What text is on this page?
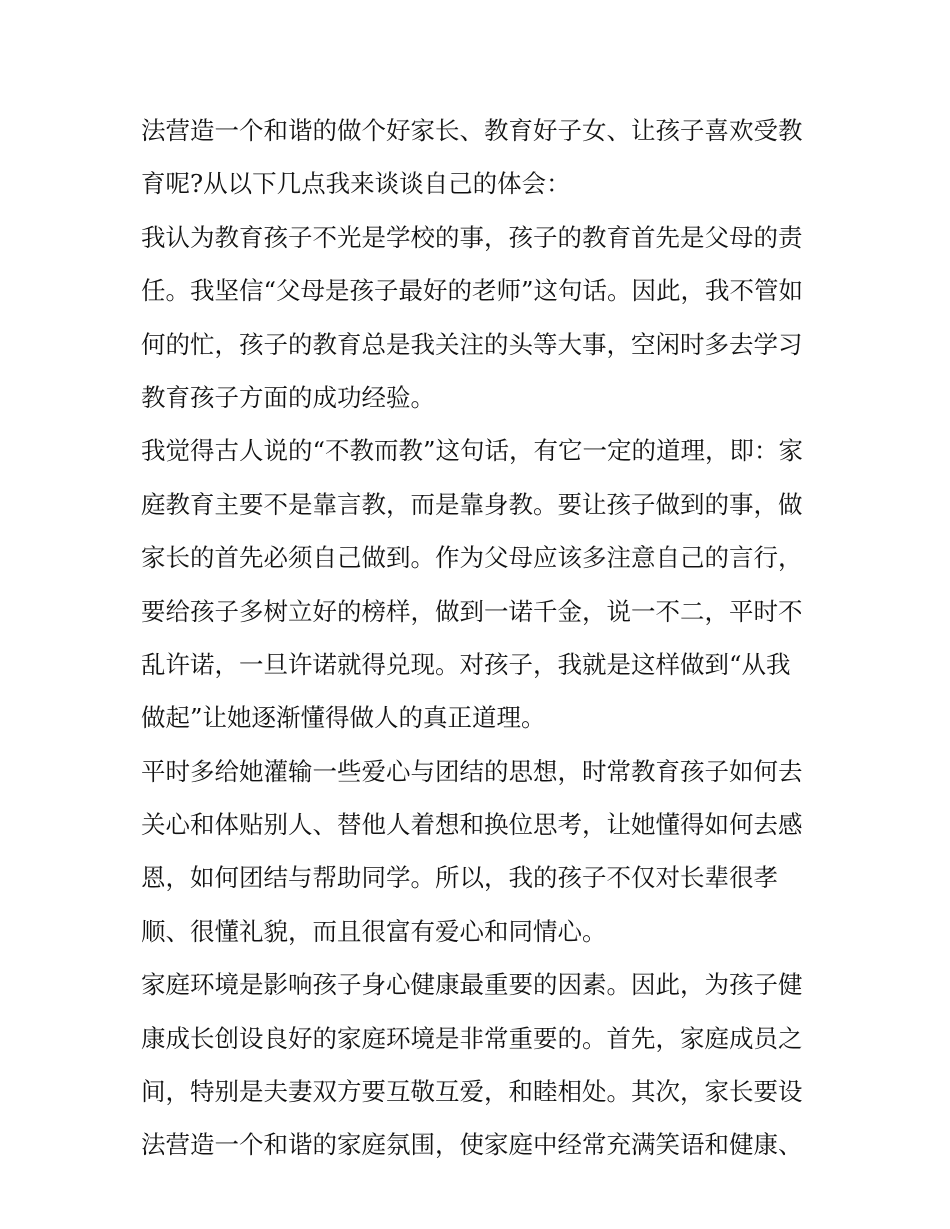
法营造一个和谐的做个好家长、教育好子女、让孩子喜欢受教
育呢?从以下几点我来谈谈自己的体会：
我认为教育孩子不光是学校的事，孩子的教育首先是父母的责
任。我坚信“父母是孩子最好的老师”这句话。因此，我不管如
何的忙，孩子的教育总是我关注的头等大事，空闲时多去学习
教育孩子方面的成功经验。
我觉得古人说的“不教而教”这句话，有它一定的道理，即：家
庭教育主要不是靠言教，而是靠身教。要让孩子做到的事，做
家长的首先必须自己做到。作为父母应该多注意自己的言行，
要给孩子多树立好的榜样，做到一诺千金，说一不二，平时不
乱许诺，一旦许诺就得兑现。对孩子，我就是这样做到“从我
做起”让她逐渐懂得做人的真正道理。
平时多给她灌输一些爱心与团结的思想，时常教育孩子如何去
关心和体贴别人、替他人着想和换位思考，让她懂得如何去感
恩，如何团结与帮助同学。所以，我的孩子不仅对长辈很孝
顺、很懂礼貌，而且很富有爱心和同情心。
家庭环境是影响孩子身心健康最重要的因素。因此，为孩子健
康成长创设良好的家庭环境是非常重要的。首先，家庭成员之
间，特别是夫妻双方要互敬互爱，和睦相处。其次，家长要设
法营造一个和谐的家庭氛围，使家庭中经常充满笑语和健康、
